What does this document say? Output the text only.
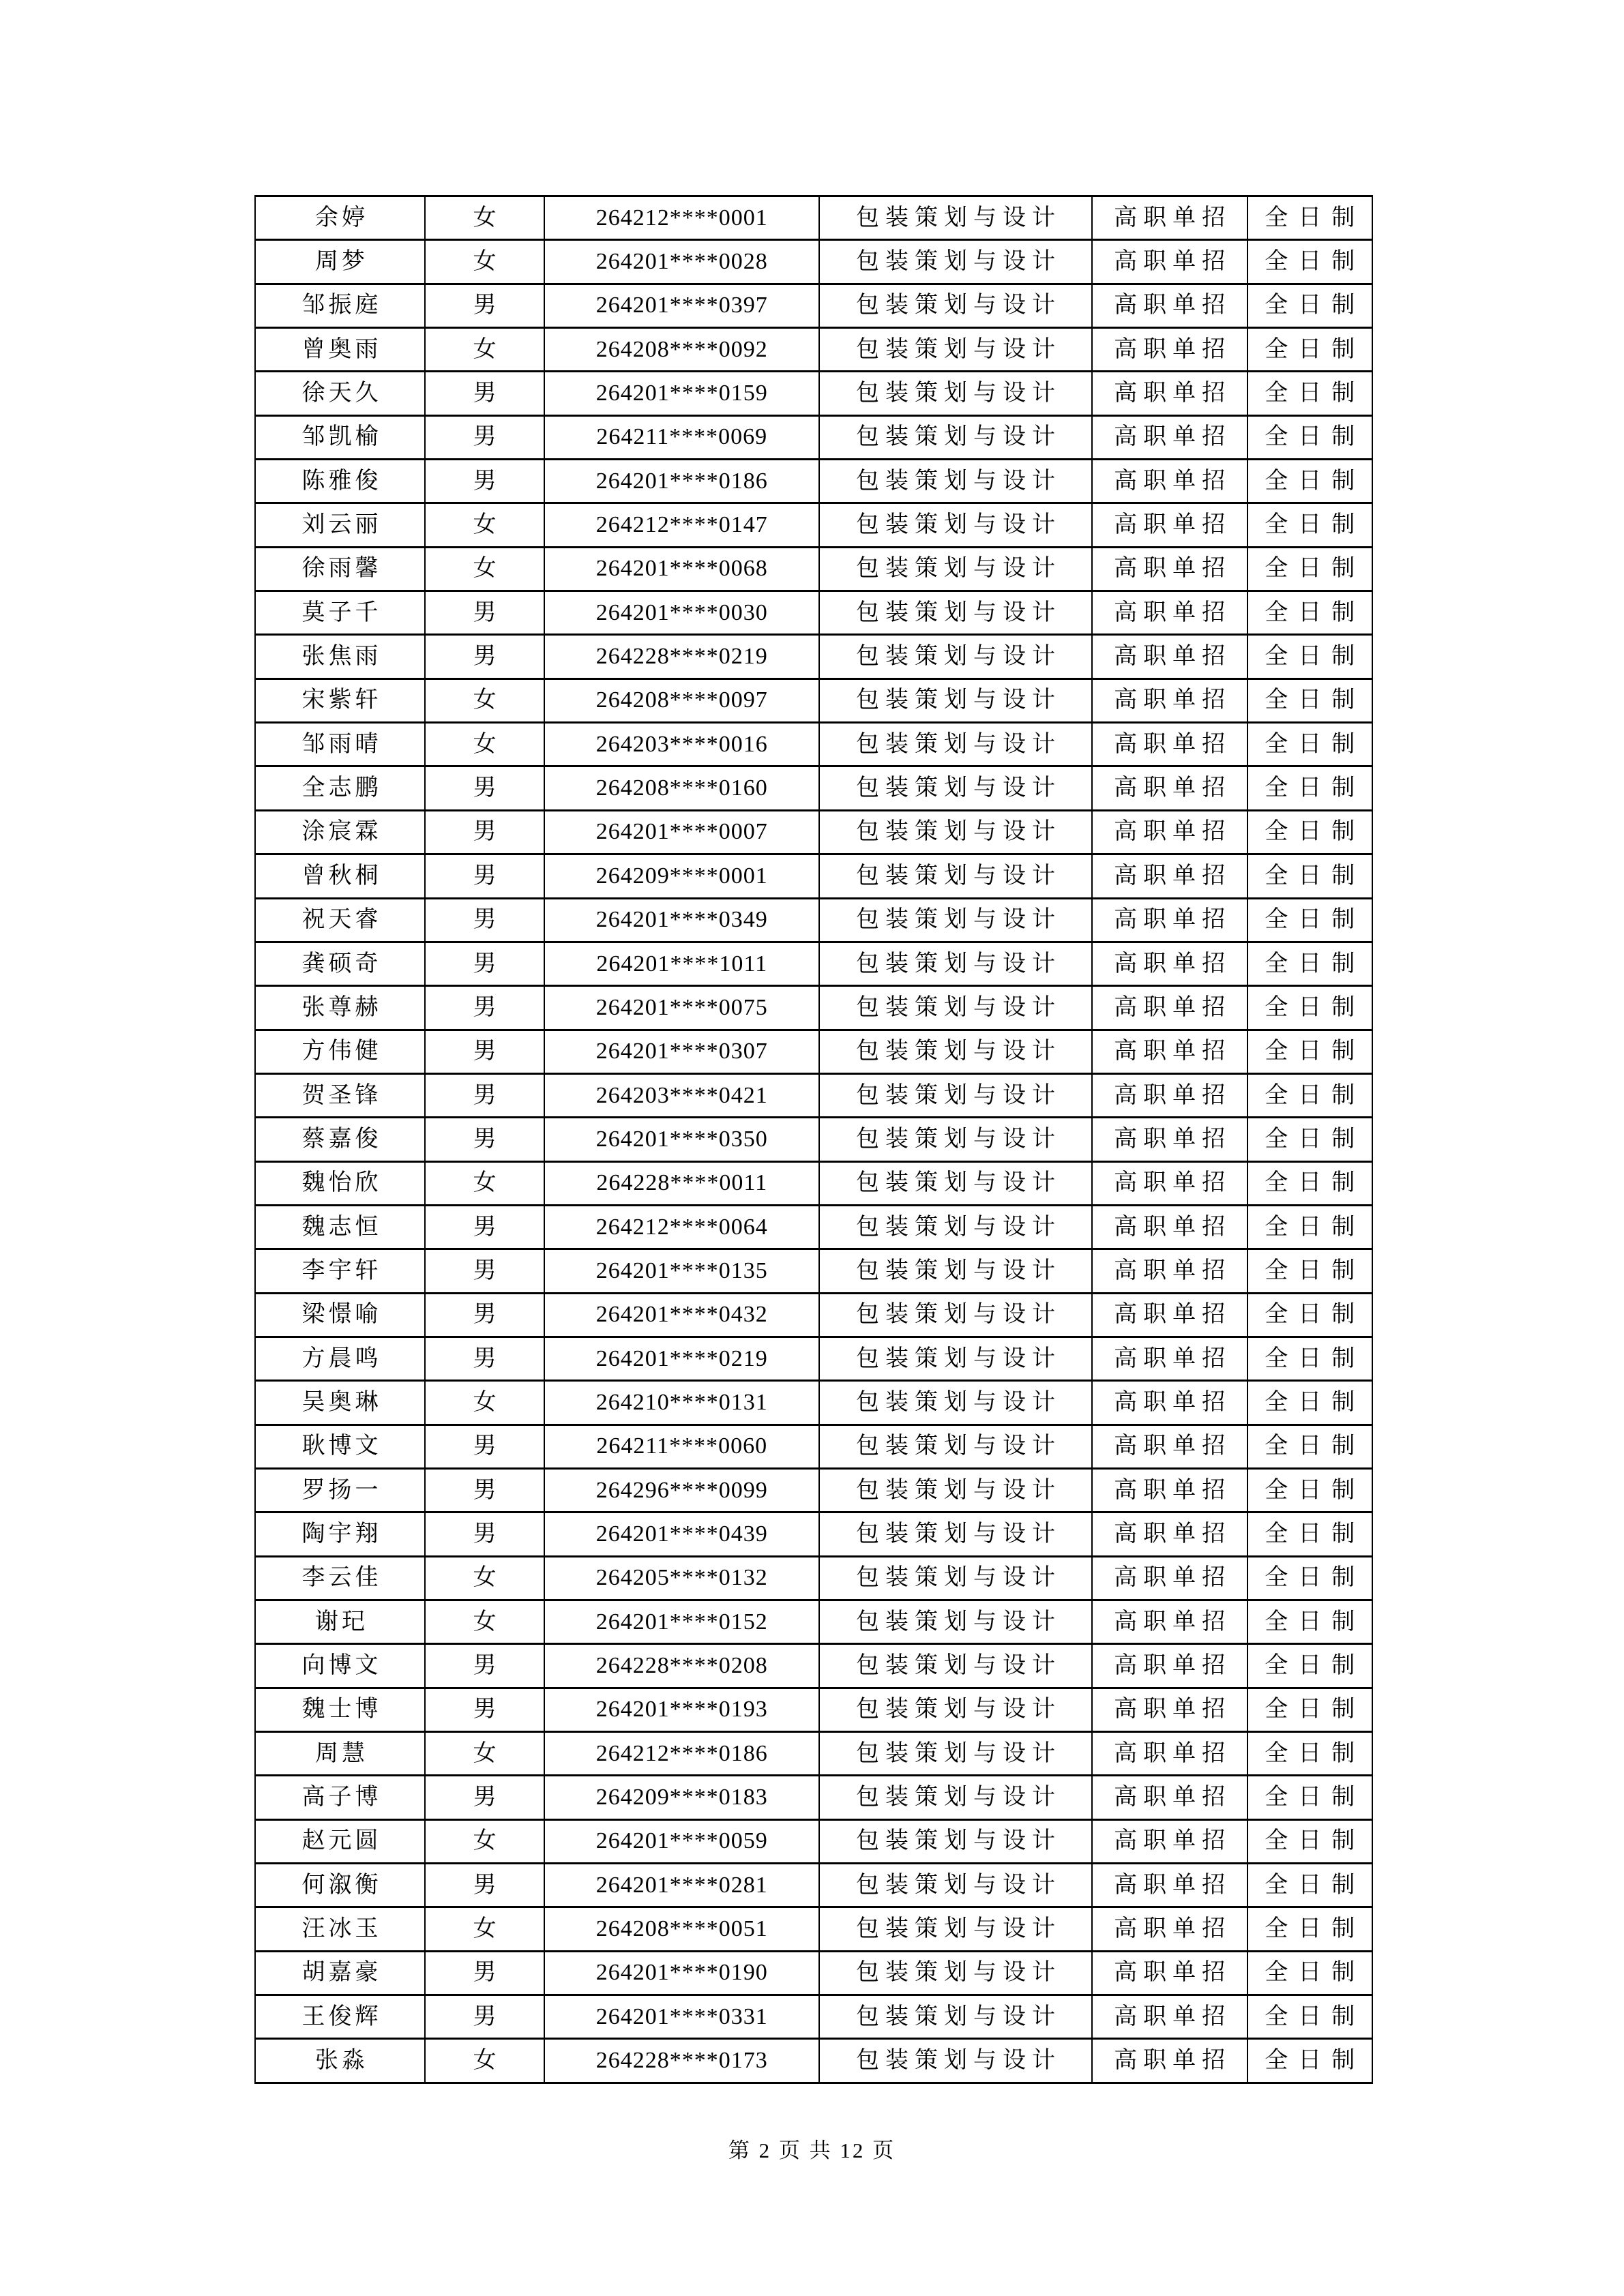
余婷	女	264212****0001	包装策划与设计	高职单招	全日制
周梦	女	264201****0028	包装策划与设计	高职单招	全日制
邹振庭	男	264201****0397	包装策划与设计	高职单招	全日制
曾奥雨	女	264208****0092	包装策划与设计	高职单招	全日制
徐天久	男	264201****0159	包装策划与设计	高职单招	全日制
邹凯榆	男	264211****0069	包装策划与设计	高职单招	全日制
陈雅俊	男	264201****0186	包装策划与设计	高职单招	全日制
刘云丽	女	264212****0147	包装策划与设计	高职单招	全日制
徐雨馨	女	264201****0068	包装策划与设计	高职单招	全日制
莫子千	男	264201****0030	包装策划与设计	高职单招	全日制
张焦雨	男	264228****0219	包装策划与设计	高职单招	全日制
宋紫轩	女	264208****0097	包装策划与设计	高职单招	全日制
邹雨晴	女	264203****0016	包装策划与设计	高职单招	全日制
全志鹏	男	264208****0160	包装策划与设计	高职单招	全日制
涂宸霖	男	264201****0007	包装策划与设计	高职单招	全日制
曾秋桐	男	264209****0001	包装策划与设计	高职单招	全日制
祝天睿	男	264201****0349	包装策划与设计	高职单招	全日制
龚硕奇	男	264201****1011	包装策划与设计	高职单招	全日制
张尊赫	男	264201****0075	包装策划与设计	高职单招	全日制
方伟健	男	264201****0307	包装策划与设计	高职单招	全日制
贺圣锋	男	264203****0421	包装策划与设计	高职单招	全日制
蔡嘉俊	男	264201****0350	包装策划与设计	高职单招	全日制
魏怡欣	女	264228****0011	包装策划与设计	高职单招	全日制
魏志恒	男	264212****0064	包装策划与设计	高职单招	全日制
李宇轩	男	264201****0135	包装策划与设计	高职单招	全日制
梁憬喻	男	264201****0432	包装策划与设计	高职单招	全日制
方晨鸣	男	264201****0219	包装策划与设计	高职单招	全日制
吴奥琳	女	264210****0131	包装策划与设计	高职单招	全日制
耿博文	男	264211****0060	包装策划与设计	高职单招	全日制
罗扬一	男	264296****0099	包装策划与设计	高职单招	全日制
陶宇翔	男	264201****0439	包装策划与设计	高职单招	全日制
李云佳	女	264205****0132	包装策划与设计	高职单招	全日制
谢玘	女	264201****0152	包装策划与设计	高职单招	全日制
向博文	男	264228****0208	包装策划与设计	高职单招	全日制
魏士博	男	264201****0193	包装策划与设计	高职单招	全日制
周慧	女	264212****0186	包装策划与设计	高职单招	全日制
高子博	男	264209****0183	包装策划与设计	高职单招	全日制
赵元圆	女	264201****0059	包装策划与设计	高职单招	全日制
何溆衡	男	264201****0281	包装策划与设计	高职单招	全日制
汪冰玉	女	264208****0051	包装策划与设计	高职单招	全日制
胡嘉豪	男	264201****0190	包装策划与设计	高职单招	全日制
王俊辉	男	264201****0331	包装策划与设计	高职单招	全日制
张淼	女	264228****0173	包装策划与设计	高职单招	全日制
第 2 页 共 12 页
